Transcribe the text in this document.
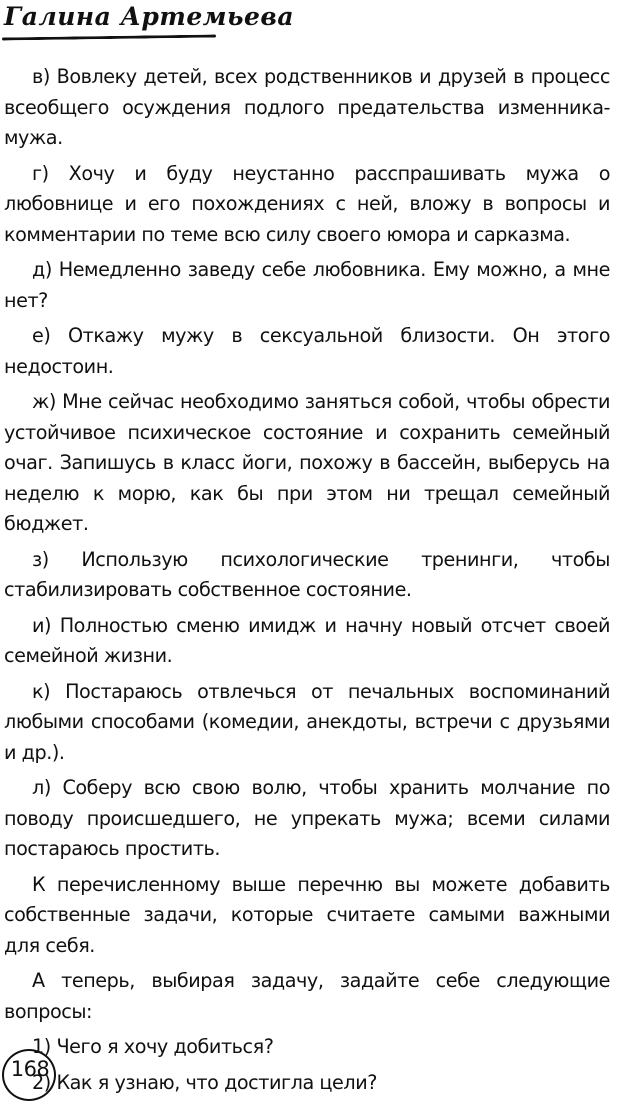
Галина Артемьева

в) Вовлеку детей, всех родственников и друзей в процесс всеобщего осуждения подлого предательства изменника-мужа.

г) Хочу и буду неустанно расспрашивать мужа о любовнице и его похождениях с ней, вложу в вопросы и комментарии по теме всю силу своего юмора и сарказма.

д) Немедленно заведу себе любовника. Ему можно, а мне нет?

е) Откажу мужу в сексуальной близости. Он этого недостоин.

ж) Мне сейчас необходимо заняться собой, чтобы обрести устойчивое психическое состояние и сохранить семейный очаг. Запишусь в класс йоги, похожу в бассейн, выберусь на неделю к морю, как бы при этом ни трещал семейный бюджет.

з) Использую психологические тренинги, чтобы стабилизировать собственное состояние.

и) Полностью сменю имидж и начну новый отсчет своей семейной жизни.

к) Постараюсь отвлечься от печальных воспоминаний любыми способами (комедии, анекдоты, встречи с друзьями и др.).

л) Соберу всю свою волю, чтобы хранить молчание по поводу происшедшего, не упрекать мужа; всеми силами постараюсь простить.

К перечисленному выше перечню вы можете добавить собственные задачи, которые считаете самыми важными для себя.

А теперь, выбирая задачу, задайте себе следующие вопросы:

1) Чего я хочу добиться?

2) Как я узнаю, что достигла цели?

168
